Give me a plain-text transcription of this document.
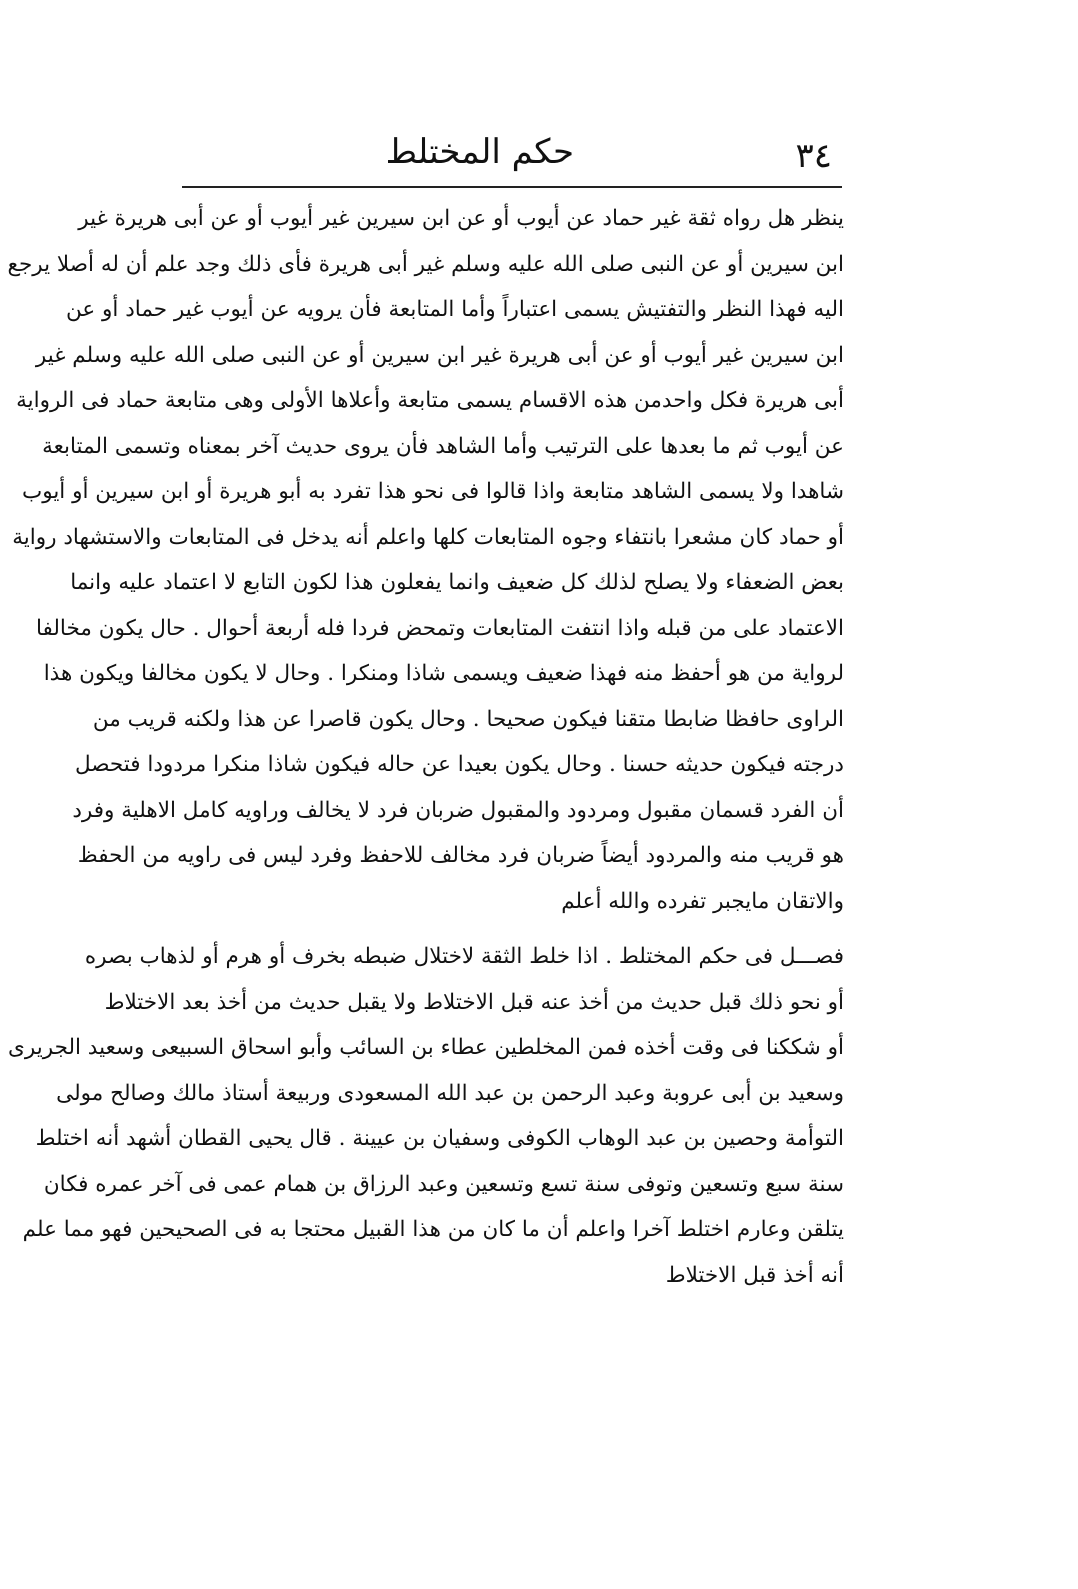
٣٤
حكم المختلط
ينظر هل رواه ثقة غير حماد عن أيوب أو عن ابن سيرين غير أيوب أو عن أبى هريرة غير
ابن سيرين أو عن النبى صلى الله عليه وسلم غير أبى هريرة فأى ذلك وجد علم أن له أصلا يرجع
اليه فهذا النظر والتفتيش يسمى اعتباراً وأما المتابعة فأن يرويه عن أيوب غير حماد أو عن
ابن سيرين غير أيوب أو عن أبى هريرة غير ابن سيرين أو عن النبى صلى الله عليه وسلم غير
أبى هريرة فكل واحدمن هذه الاقسام يسمى متابعة وأعلاها الأولى وهى متابعة حماد فى الرواية
عن أيوب ثم ما بعدها على الترتيب وأما الشاهد فأن يروى حديث آخر بمعناه وتسمى المتابعة
شاهدا ولا يسمى الشاهد متابعة واذا قالوا فى نحو هذا تفرد به أبو هريرة أو ابن سيرين أو أيوب
أو حماد كان مشعرا بانتفاء وجوه المتابعات كلها واعلم أنه يدخل فى المتابعات والاستشهاد رواية
بعض الضعفاء ولا يصلح لذلك كل ضعيف وانما يفعلون هذا لكون التابع لا اعتماد عليه وانما
الاعتماد على من قبله واذا انتفت المتابعات وتمحض فردا فله أربعة أحوال . حال يكون مخالفا
لرواية من هو أحفظ منه فهذا ضعيف ويسمى شاذا ومنكرا . وحال لا يكون مخالفا ويكون هذا
الراوى حافظا ضابطا متقنا فيكون صحيحا . وحال يكون قاصرا عن هذا ولكنه قريب من
درجته فيكون حديثه حسنا . وحال يكون بعيدا عن حاله فيكون شاذا منكرا مردودا فتحصل
أن الفرد قسمان مقبول ومردود والمقبول ضربان فرد لا يخالف وراويه كامل الاهلية وفرد
هو قريب منه والمردود أيضاً ضربان فرد مخالف للاحفظ وفرد ليس فى راويه من الحفظ
والاتقان مايجبر تفرده والله أعلم
فصـــل فى حكم المختلط . اذا خلط الثقة لاختلال ضبطه بخرف أو هرم أو لذهاب بصره
أو نحو ذلك قبل حديث من أخذ عنه قبل الاختلاط ولا يقبل حديث من أخذ بعد الاختلاط
أو شككنا فى وقت أخذه فمن المخلطين عطاء بن السائب وأبو اسحاق السبيعى وسعيد الجريرى
وسعيد بن أبى عروبة وعبد الرحمن بن عبد الله المسعودى وربيعة أستاذ مالك وصالح مولى
التوأمة وحصين بن عبد الوهاب الكوفى وسفيان بن عيينة . قال يحيى القطان أشهد أنه اختلط
سنة سبع وتسعين وتوفى سنة تسع وتسعين وعبد الرزاق بن همام عمى فى آخر عمره فكان
يتلقن وعارم اختلط آخرا واعلم أن ما كان من هذا القبيل محتجا به فى الصحيحين فهو مما علم
أنه أخذ قبل الاختلاط
